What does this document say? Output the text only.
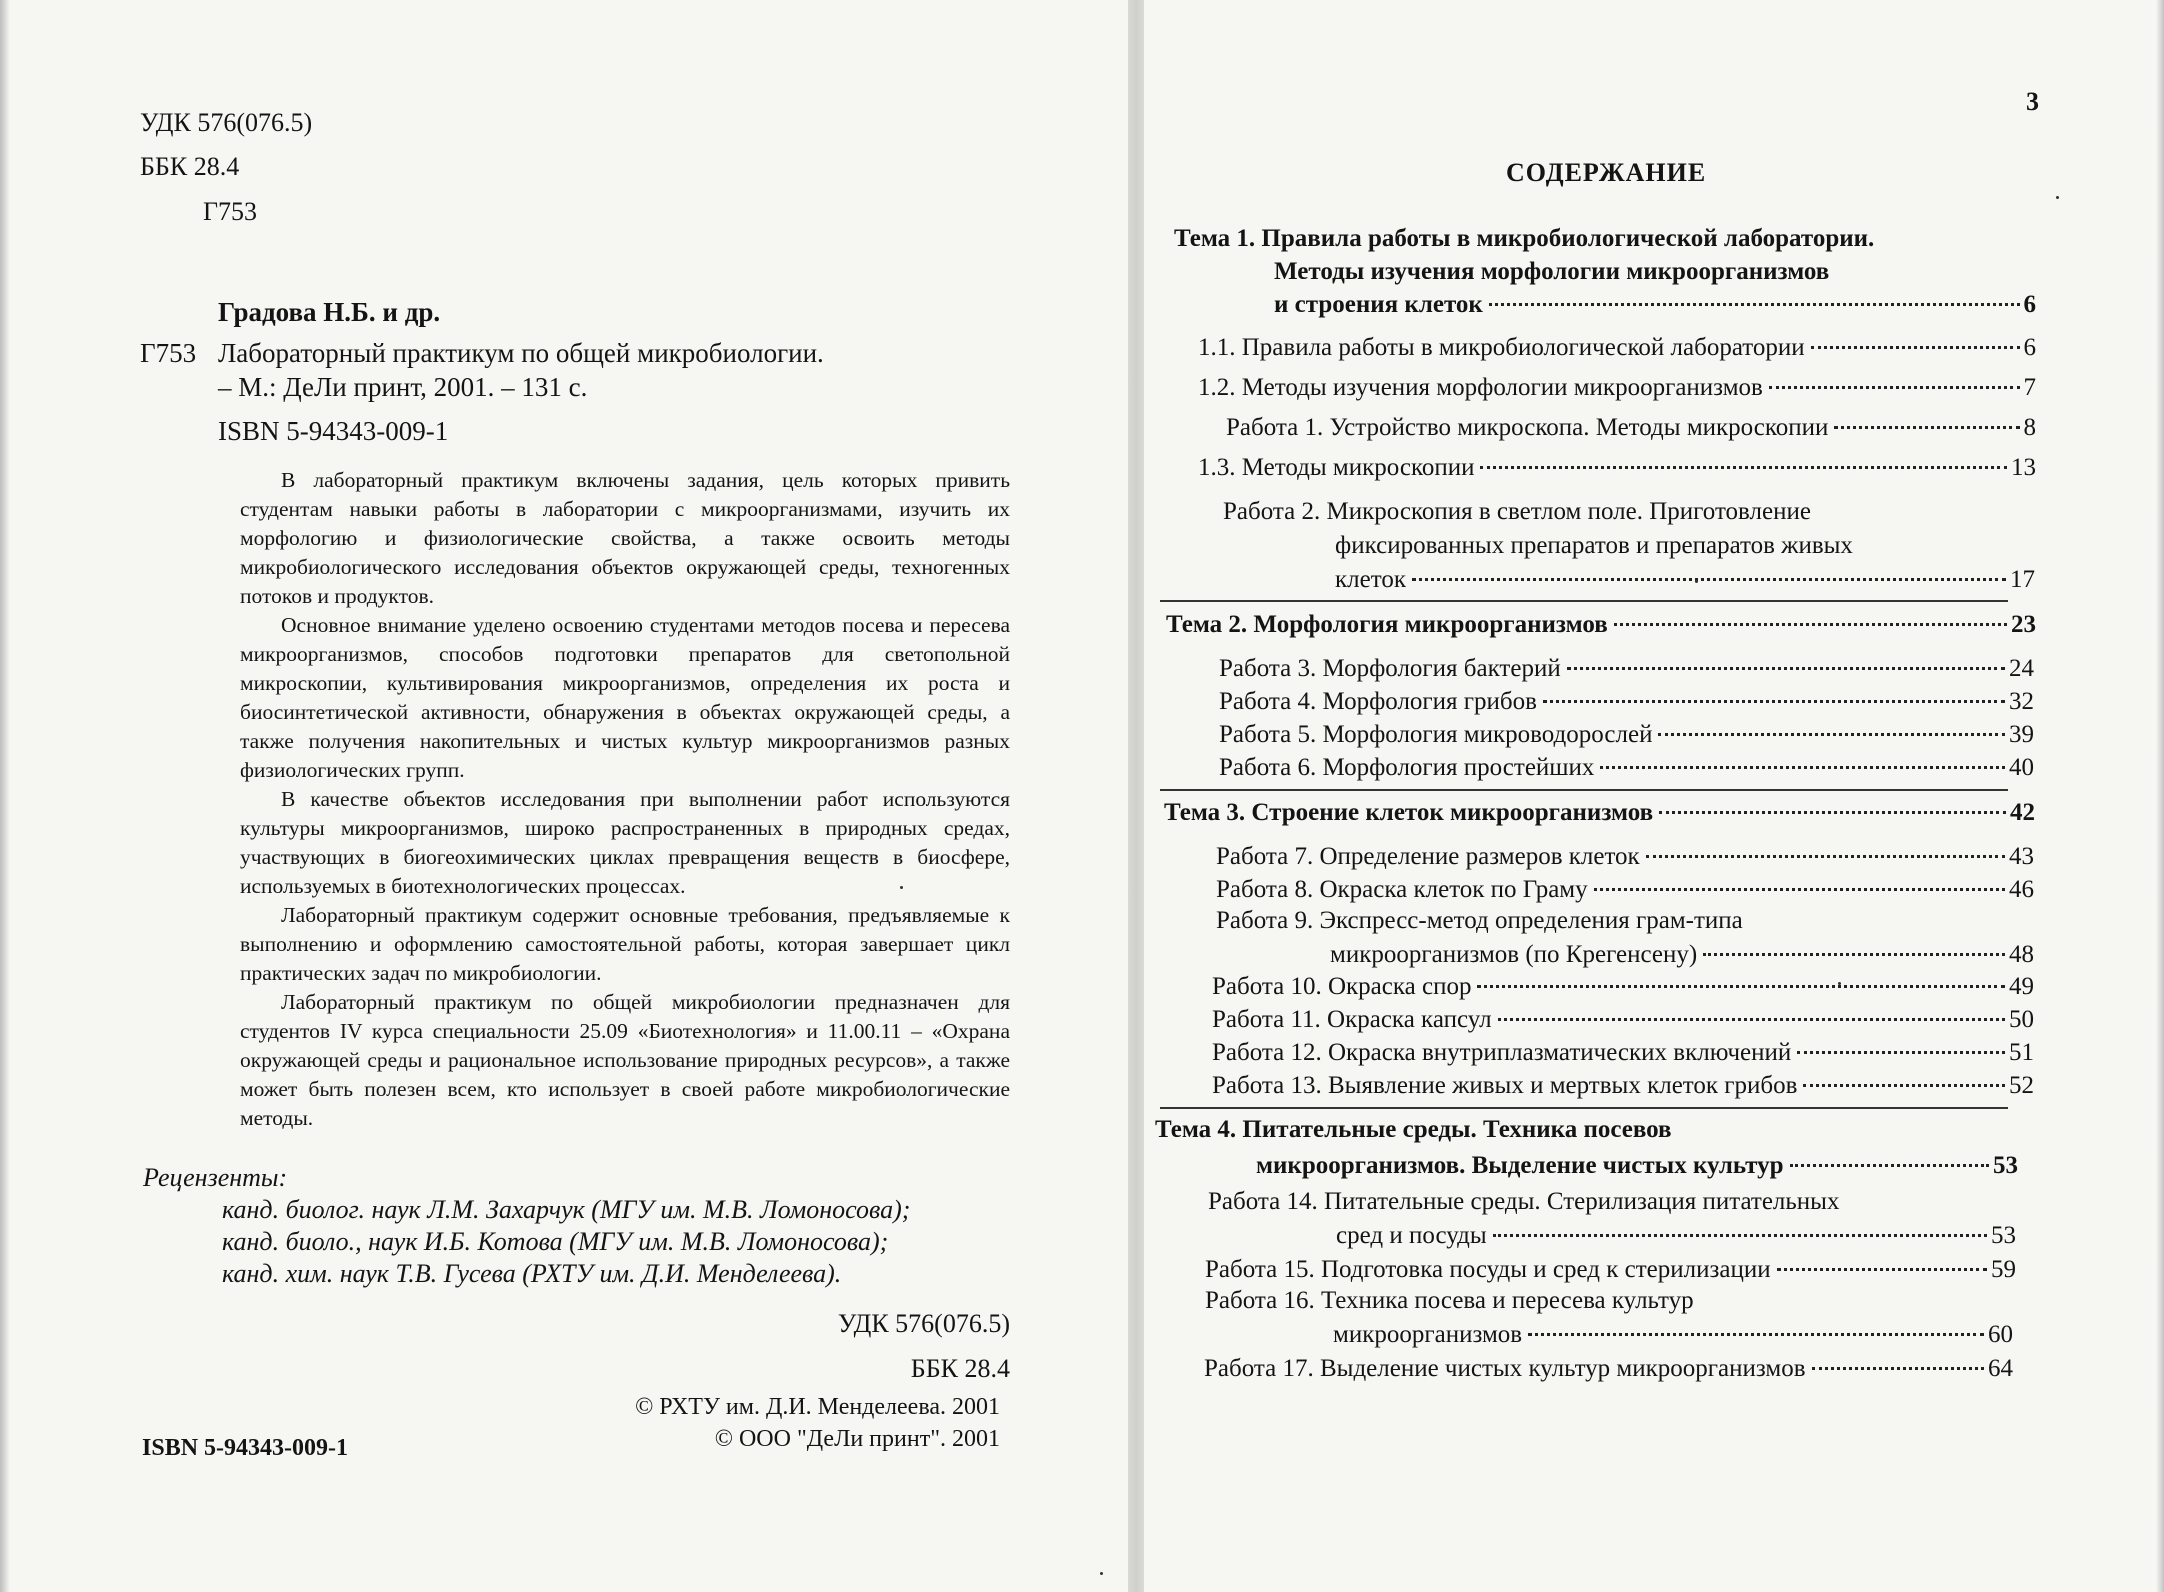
УДК 576(076.5)
ББК 28.4
Г753
Градова Н.Б. и др.
Г753 Лабораторный практикум по общей микробиологии.
– М.: ДеЛи принт, 2001. – 131 с.
ISBN 5-94343-009-1

В лабораторный практикум включены задания, цель которых привить студентам навыки работы в лаборатории с микроорганизмами, изучить их морфологию и физиологические свойства, а также освоить методы микробиологического исследования объектов окружающей среды, техногенных потоков и продуктов.

Основное внимание уделено освоению студентами методов посева и пересева микроорганизмов, способов подготовки препаратов для светопольной микроскопии, культивирования микроорганизмов, определения их роста и биосинтетической активности, обнаружения в объектах окружающей среды, а также получения накопительных и чистых культур микроорганизмов разных физиологических групп.

В качестве объектов исследования при выполнении работ используются культуры микроорганизмов, широко распространенных в природных средах, участвующих в биогеохимических циклах превращения веществ в биосфере, используемых в биотехнологических процессах.

Лабораторный практикум содержит основные требования, предъявляемые к выполнению и оформлению самостоятельной работы, которая завершает цикл практических задач по микробиологии.

Лабораторный практикум по общей микробиологии предназначен для студентов IV курса специальности 25.09 «Биотехнология» и 11.00.11 – «Охрана окружающей среды и рациональное использование природных ресурсов», а также может быть полезен всем, кто использует в своей работе микробиологические методы.

Рецензенты:
канд. биолог. наук Л.М. Захарчук (МГУ им. М.В. Ломоносова);
канд. биоло., наук И.Б. Котова (МГУ им. М.В. Ломоносова);
канд. хим. наук Т.В. Гусева (РХТУ им. Д.И. Менделеева).
УДК 576(076.5)
ББК 28.4
© РХТУ им. Д.И. Менделеева. 2001
© ООО "ДеЛи принт". 2001
ISBN 5-94343-009-1
3
СОДЕРЖАНИЕ
Тема 1. Правила работы в микробиологической лаборатории.
Методы изучения морфологии микроорганизмов
и строения клеток	6
1.1. Правила работы в микробиологической лаборатории	6
1.2. Методы изучения морфологии микроорганизмов	7
Работа 1. Устройство микроскопа. Методы микроскопии	8
1.3. Методы микроскопии	13
Работа 2. Микроскопия в светлом поле. Приготовление
фиксированных препаратов и препаратов живых
клеток	17
Тема 2. Морфология микроорганизмов	23
Работа 3. Морфология бактерий	24
Работа 4. Морфология грибов	32
Работа 5. Морфология микроводорослей	39
Работа 6. Морфология простейших	40
Тема 3. Строение клеток микроорганизмов	42
Работа 7. Определение размеров клеток	43
Работа 8. Окраска клеток по Граму	46
Работа 9. Экспресс-метод определения грам-типа
микроорганизмов (по Крегенсену)	48
Работа 10. Окраска спор	49
Работа 11. Окраска капсул	50
Работа 12. Окраска внутриплазматических включений	51
Работа 13. Выявление живых и мертвых клеток грибов	52
Тема 4. Питательные среды. Техника посевов
микроорганизмов. Выделение чистых культур	53
Работа 14. Питательные среды. Стерилизация питательных
сред и посуды	53
Работа 15. Подготовка посуды и сред к стерилизации	59
Работа 16. Техника посева и пересева культур
микроорганизмов	60
Работа 17. Выделение чистых культур микроорганизмов	64
